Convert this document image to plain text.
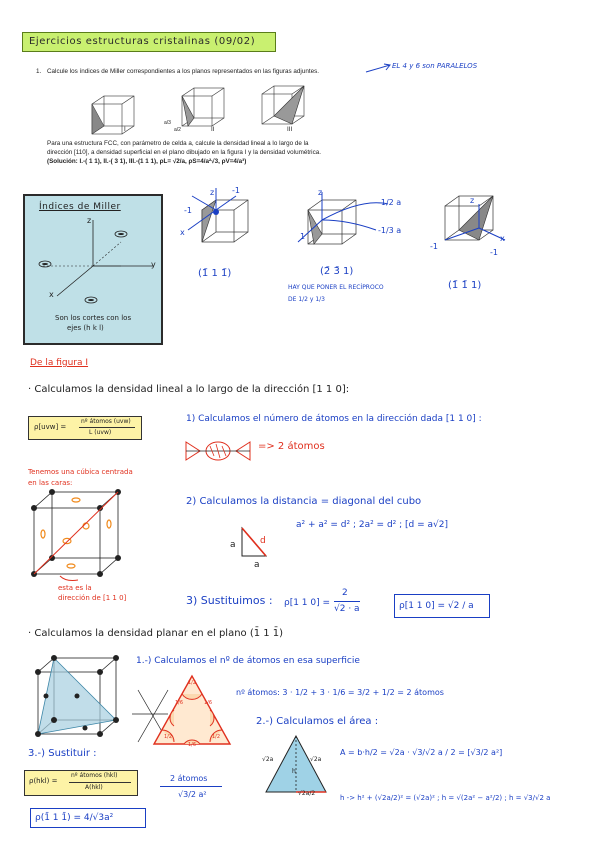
Ejercicios estructuras cristalinas (09/02)
1. Calcule los índices de Miller correspondientes a los planos representados en las figuras adjuntes.
EL 4 y 6 son PARALELOS
I
a/3
a/2	II	III
Para una estructura FCC, con parámetro de celda a, calcule la densidad lineal a lo largo de la
dirección [110], a densidad superficial en el plano dibujado en la figura I y la densidad volumétrica.
(Solución: I.-( 1 1), II.-( 3 1), III.-(1 1 1), ρL= √2/a, ρS=4/a²√3, ρV=4/a³)
Índices de Miller
z
y
x
Son los cortes con los
ejes (h k l)
z -1
-1
x
(1̄ 1 1̄)
z
-1/2 a
-1/3 a
1
(2̄ 3̄ 1)
HAY QUE PONER EL RECÍPROCO
DE 1/2 y 1/3
z
-1
-1
x
(1̄ 1̄ 1)
De la figura I
· Calculamos la densidad lineal a lo largo de la dirección [1 1 0]:
ρ[uvw] =
nº átomos (uvw)
L (uvw)
1) Calculamos el número de átomos en la dirección dada [1 1 0] :
=> 2 átomos
Tenemos una cúbica centrada
en las caras:
esta es la
dirección de [1 1 0]
2) Calculamos la distancia = diagonal del cubo
a² + a² = d² ; 2a² = d² ; [d = a√2]
a	d
a
3) Sustituimos : ρ[1 1 0] =
2
√2 · a	ρ[1 1 0] = √2 / a
· Calculamos la densidad planar en el plano (1̄ 1 1̄)
1.-) Calculamos el nº de átomos en esa superficie
1/2
1/6
1/2
1/6
1/2
1/6
nº átomos: 3 · 1/2 + 3 · 1/6 = 3/2 + 1/2 = 2 átomos
2.-) Calculamos el área :
√2a	√2a
h
√2a/2
A = b·h/2 = √2a · √3/√2 a / 2 = [√3/2 a²]
h -> h² + (√2a/2)² = (√2a)² ; h = √(2a² − a²/2) ; h = √3/√2 a
3.-) Sustituir :
ρ(hkl) =
nº átomos (hkl)
A(hkl)
2 átomos
√3/2 a²
ρ(1̄ 1 1̄) = 4/√3a²
